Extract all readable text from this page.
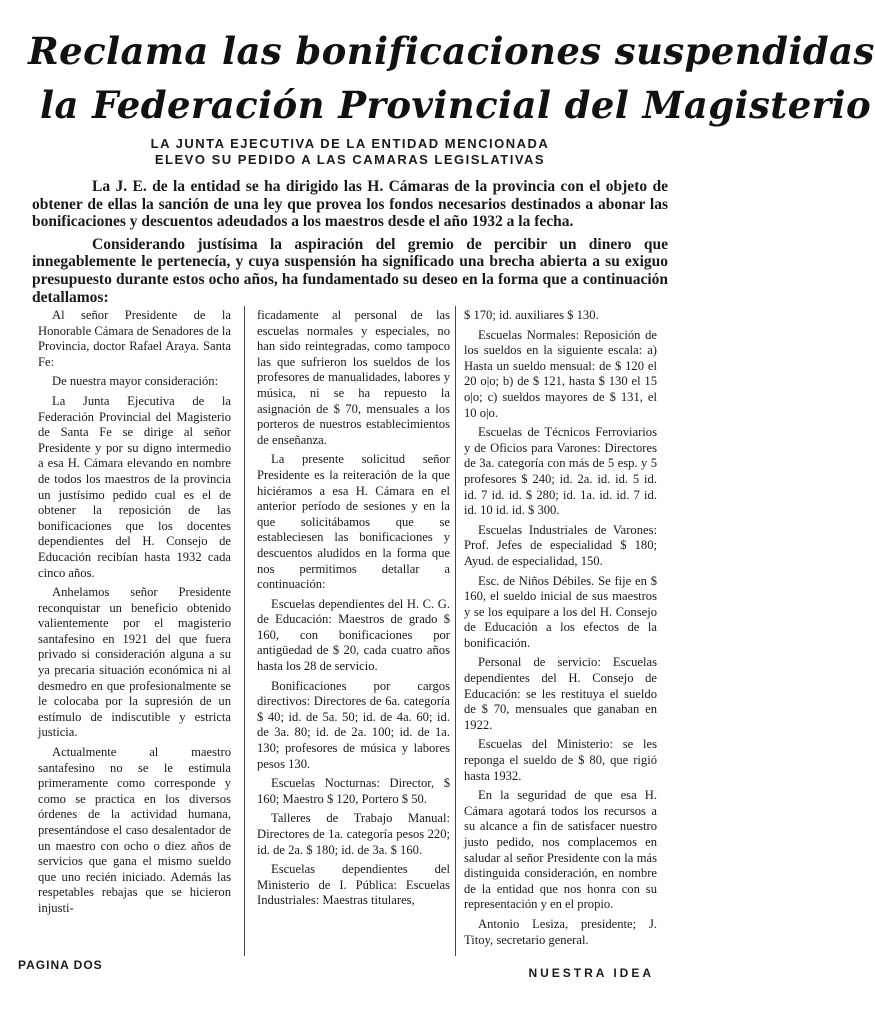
Reclama las bonificaciones suspendidas
la Federación Provincial del Magisterio
LA JUNTA EJECUTIVA DE LA ENTIDAD MENCIONADA
ELEVO SU PEDIDO A LAS CAMARAS LEGISLATIVAS

La J. E. de la entidad se ha dirigido las H. Cámaras de la provincia con el objeto de obtener de ellas la sanción de una ley que provea los fondos necesarios destinados a abonar las bonificaciones y descuentos adeudados a los maestros desde el año 1932 a la fecha.

Considerando justísima la aspiración del gremio de percibir un dinero que innegablemente le pertenecía, y cuya suspensión ha significado una brecha abierta a su exiguo presupuesto durante estos ocho años, ha fundamentado su deseo en la forma que a continuación detallamos:

Al señor Presidente de la Honorable Cámara de Senadores de la Provincia, doctor Rafael Araya. Santa Fe:

De nuestra mayor consideración:

La Junta Ejecutiva de la Federación Provincial del Magisterio de Santa Fe se dirige al señor Presidente y por su digno intermedio a esa H. Cámara elevando en nombre de todos los maestros de la provincia un justísimo pedido cual es el de obtener la reposición de las bonificaciones que los docentes dependientes del H. Consejo de Educación recibían hasta 1932 cada cinco años.

Anhelamos señor Presidente reconquistar un beneficio obtenido valientemente por el magisterio santafesino en 1921 del que fuera privado si consideración alguna a su ya precaria situación económica ni al desmedro en que profesionalmente se le colocaba por la supresión de un estímulo de indiscutible y estricta justicia.

Actualmente al maestro santafesino no se le estimula primeramente como corresponde y como se practica en los diversos órdenes de la actividad humana, presentándose el caso desalentador de un maestro con ocho o diez años de servicios que gana el mismo sueldo que uno recién iniciado. Además las respetables rebajas que se hicieron injusti-

ficadamente al personal de las escuelas normales y especiales, no han sido reintegradas, como tampoco las que sufrieron los sueldos de los profesores de manualidades, labores y música, ni se ha repuesto la asignación de $ 70, mensuales a los porteros de nuestros establecimientos de enseñanza.

La presente solicitud señor Presidente es la reiteración de la que hiciéramos a esa H. Cámara en el anterior período de sesiones y en la que solicitábamos que se estableciesen las bonificaciones y descuentos aludidos en la forma que nos permitimos detallar a continuación:

Escuelas dependientes del H. C. G. de Educación: Maestros de grado $ 160, con bonificaciones por antigüedad de $ 20, cada cuatro años hasta los 28 de servicio.

Bonificaciones por cargos directivos: Directores de 6a. categoría $ 40; id. de 5a. 50; id. de 4a. 60; id. de 3a. 80; id. de 2a. 100; id. de 1a. 130; profesores de música y labores pesos 130.

Escuelas Nocturnas: Director, $ 160; Maestro $ 120, Portero $ 50.

Talleres de Trabajo Manual: Directores de 1a. categoría pesos 220; id. de 2a. $ 180; id. de 3a. $ 160.

Escuelas dependientes del Ministerio de I. Pública: Escuelas Industriales: Maestras titulares,

$ 170; id. auxiliares $ 130.

Escuelas Normales: Reposición de los sueldos en la siguiente escala: a) Hasta un sueldo mensual: de $ 120 el 20 o|o; b) de $ 121, hasta $ 130 el 15 o|o; c) sueldos mayores de $ 131, el 10 o|o.

Escuelas de Técnicos Ferroviarios y de Oficios para Varones: Directores de 3a. categoría con más de 5 esp. y 5 profesores $ 240; id. 2a. id. id. 5 id. id. 7 id. id. $ 280; id. 1a. id. id. 7 id. id. 10 id. id. $ 300.

Escuelas Industriales de Varones: Prof. Jefes de especialidad $ 180; Ayud. de especialidad, 150.

Esc. de Niños Débiles. Se fije en $ 160, el sueldo inicial de sus maestros y se los equipare a los del H. Consejo de Educación a los efectos de la bonificación.

Personal de servicio: Escuelas dependientes del H. Consejo de Educación: se les restituya el sueldo de $ 70, mensuales que ganaban en 1922.

Escuelas del Ministerio: se les reponga el sueldo de $ 80, que rigió hasta 1932.

En la seguridad de que esa H. Cámara agotará todos los recursos a su alcance a fin de satisfacer nuestro justo pedido, nos complacemos en saludar al señor Presidente con la más distinguida consideración, en nombre de la entidad que nos honra con su representación y en el propio.

Antonio Lesiza, presidente; J. Titoy, secretario general.

PAGINA DOS
NUESTRA IDEA
